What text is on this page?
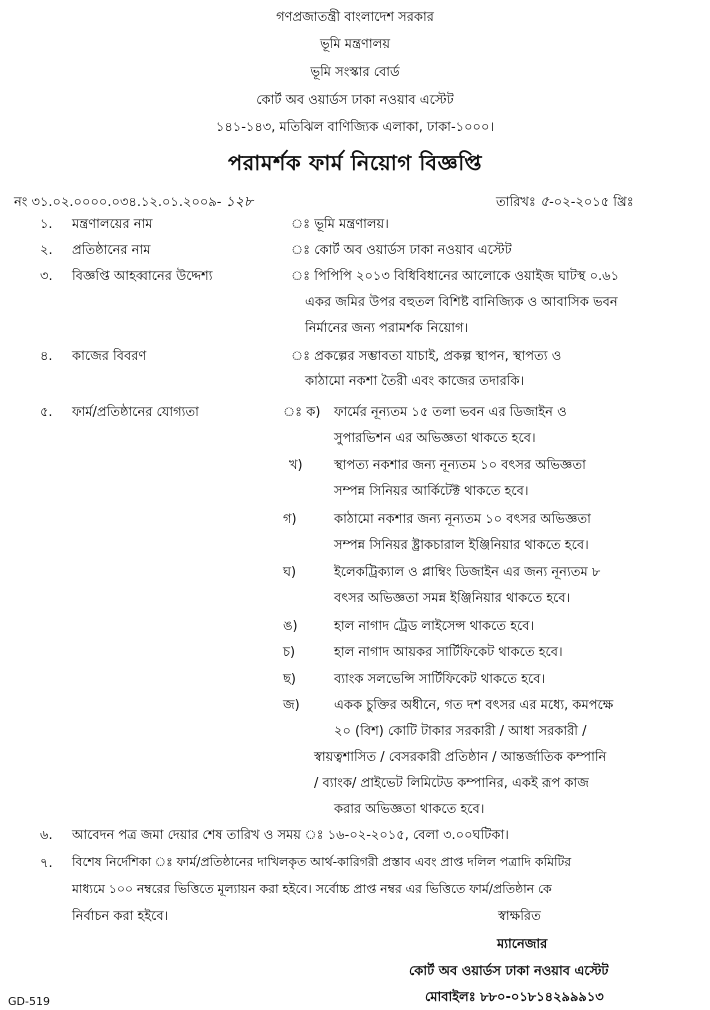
গণপ্রজাতন্ত্রী বাংলাদেশ সরকার
ভূমি মন্ত্রণালয়
ভূমি সংস্কার বোর্ড
কোর্ট অব ওয়ার্ডস ঢাকা নওয়াব এস্টেট
১৪১-১৪৩, মতিঝিল বাণিজ্যিক এলাকা, ঢাকা-১০০০।
পরামর্শক ফার্ম নিয়োগ বিজ্ঞপ্তি
নং ৩১.০২.০০০০.০৩৪.১২.০১.২০০৯- ১২৮	তারিখঃ ৫-০২-২০১৫ খ্রিঃ
১. মন্ত্রণালয়ের নাম	ঃ ভূমি মন্ত্রণালয়।
২. প্রতিষ্ঠানের নাম	ঃ কোর্ট অব ওয়ার্ডস ঢাকা নওয়াব এস্টেট
৩. বিজ্ঞপ্তি আহব্বানের উদ্দেশ্য	ঃ পিপিপি ২০১৩ বিধিবিধানের আলোকে ওয়াইজ ঘাটস্থ ০.৬১
একর জমির উপর বহুতল বিশিষ্ট বানিজ্যিক ও আবাসিক ভবন
নির্মানের জন্য পরামর্শক নিয়োগ।
৪. কাজের বিবরণ	ঃ প্রকল্পের সম্ভাবতা যাচাই, প্রকল্প স্থাপন, স্থাপত্য ও
কাঠামো নকশা তৈরী এবং কাজের তদারকি।
৫. ফার্ম/প্রতিষ্ঠানের যোগ্যতা	ঃ ক) ফার্মের নূন্যতম ১৫ তলা ভবন এর ডিজাইন ও
সুপারভিশন এর অভিজ্ঞতা থাকতে হবে।
খ)	স্থাপত্য নকশার জন্য নূন্যতম ১০ বৎসর অভিজ্ঞতা
সম্পন্ন সিনিয়র আর্কিটেক্ট থাকতে হবে।
গ)	কাঠামো নকশার জন্য নূন্যতম ১০ বৎসর অভিজ্ঞতা
সম্পন্ন সিনিয়র ষ্ট্রাকচারাল ইঞ্জিনিয়ার থাকতে হবে।
ঘ)	ইলেকট্রিক্যাল ও প্লাম্বিং ডিজাইন এর জন্য নূন্যতম ৮
বৎসর অভিজ্ঞতা সমন্ন ইঞ্জিনিয়ার থাকতে হবে।
ঙ)	হাল নাগাদ ট্রেড লাইসেন্স থাকতে হবে।
চ)	হাল নাগাদ আয়কর সার্টিফিকেট থাকতে হবে।
ছ)	ব্যাংক সলভেন্সি সার্টিফিকেট থাকতে হবে।
জ)	একক চুক্তির অধীনে, গত দশ বৎসর এর মধ্যে, কমপক্ষে
২০ (বিশ) কোটি টাকার সরকারী / আধা সরকারী /
স্বায়ত্বশাসিত / বেসরকারী প্রতিষ্ঠান / আন্তর্জাতিক কম্পানি
/ ব্যাংক/ প্রাইভেট লিমিটেড কম্পানির, একই রূপ কাজ
করার অভিজ্ঞতা থাকতে হবে।
৬. আবেদন পত্র জমা দেয়ার শেষ তারিখ ও সময় ঃ ১৬-০২-২০১৫, বেলা ৩.০০ঘটিকা।
৭. বিশেষ নির্দেশিকা ঃ ফার্ম/প্রতিষ্ঠানের দাখিলকৃত আর্থ-কারিগরী প্রস্তাব এবং প্রাপ্ত দলিল পত্রাদি কমিটির
মাধ্যমে ১০০ নম্বরের ভিত্তিতে মূল্যায়ন করা হইবে। সর্বোচ্চ প্রাপ্ত নম্বর এর ভিত্তিতে ফার্ম/প্রতিষ্ঠান কে
নির্বাচন করা হইবে।	স্বাক্ষরিত
ম্যানেজার
কোর্ট অব ওয়ার্ডস ঢাকা নওয়াব এস্টেট
মোবাইলঃ ৮৮০-০১৮১৪২৯৯৯১৩
GD-519
